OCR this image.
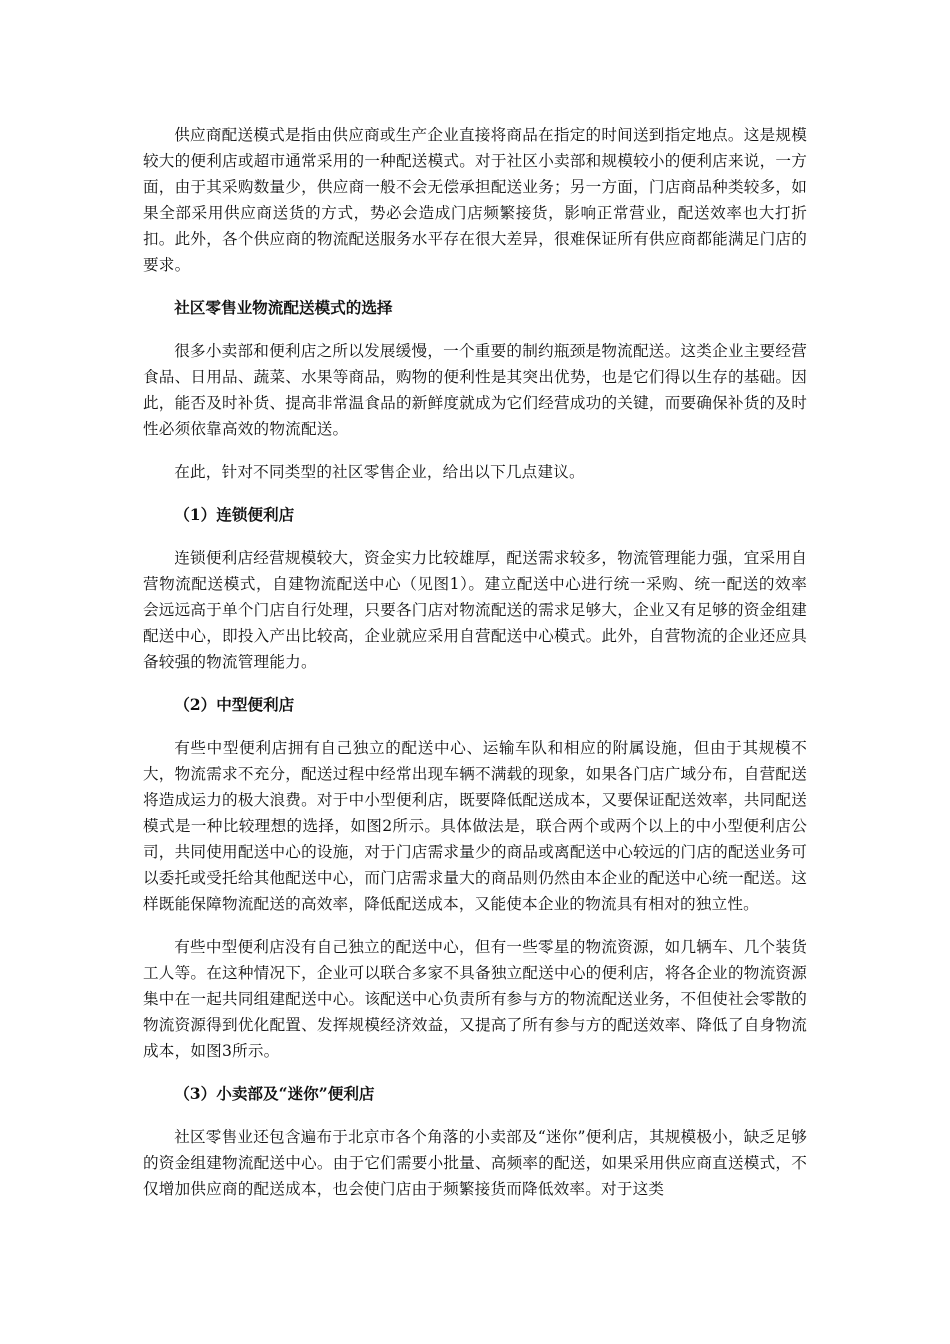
供应商配送模式是指由供应商或生产企业直接将商品在指定的时间送到指定地点。这是规模较大的便利店或超市通常采用的一种配送模式。对于社区小卖部和规模较小的便利店来说，一方面，由于其采购数量少，供应商一般不会无偿承担配送业务；另一方面，门店商品种类较多，如果全部采用供应商送货的方式，势必会造成门店频繁接货，影响正常营业，配送效率也大打折扣。此外，各个供应商的物流配送服务水平存在很大差异，很难保证所有供应商都能满足门店的要求。

社区零售业物流配送模式的选择

很多小卖部和便利店之所以发展缓慢，一个重要的制约瓶颈是物流配送。这类企业主要经营食品、日用品、蔬菜、水果等商品，购物的便利性是其突出优势，也是它们得以生存的基础。因此，能否及时补货、提高非常温食品的新鲜度就成为它们经营成功的关键，而要确保补货的及时性必须依靠高效的物流配送。

在此，针对不同类型的社区零售企业，给出以下几点建议。

（1）连锁便利店

连锁便利店经营规模较大，资金实力比较雄厚，配送需求较多，物流管理能力强，宜采用自营物流配送模式，自建物流配送中心（见图1）。建立配送中心进行统一采购、统一配送的效率会远远高于单个门店自行处理，只要各门店对物流配送的需求足够大，企业又有足够的资金组建配送中心，即投入产出比较高，企业就应采用自营配送中心模式。此外，自营物流的企业还应具备较强的物流管理能力。

（2）中型便利店

有些中型便利店拥有自己独立的配送中心、运输车队和相应的附属设施，但由于其规模不大，物流需求不充分，配送过程中经常出现车辆不满载的现象，如果各门店广域分布，自营配送将造成运力的极大浪费。对于中小型便利店，既要降低配送成本，又要保证配送效率，共同配送模式是一种比较理想的选择，如图2所示。具体做法是，联合两个或两个以上的中小型便利店公司，共同使用配送中心的设施，对于门店需求量少的商品或离配送中心较远的门店的配送业务可以委托或受托给其他配送中心，而门店需求量大的商品则仍然由本企业的配送中心统一配送。这样既能保障物流配送的高效率，降低配送成本，又能使本企业的物流具有相对的独立性。

有些中型便利店没有自己独立的配送中心，但有一些零星的物流资源，如几辆车、几个装货工人等。在这种情况下，企业可以联合多家不具备独立配送中心的便利店，将各企业的物流资源集中在一起共同组建配送中心。该配送中心负责所有参与方的物流配送业务，不但使社会零散的物流资源得到优化配置、发挥规模经济效益，又提高了所有参与方的配送效率、降低了自身物流成本，如图3所示。

（3）小卖部及“迷你”便利店

社区零售业还包含遍布于北京市各个角落的小卖部及“迷你”便利店，其规模极小，缺乏足够的资金组建物流配送中心。由于它们需要小批量、高频率的配送，如果采用供应商直送模式，不仅增加供应商的配送成本，也会使门店由于频繁接货而降低效率。对于这类
